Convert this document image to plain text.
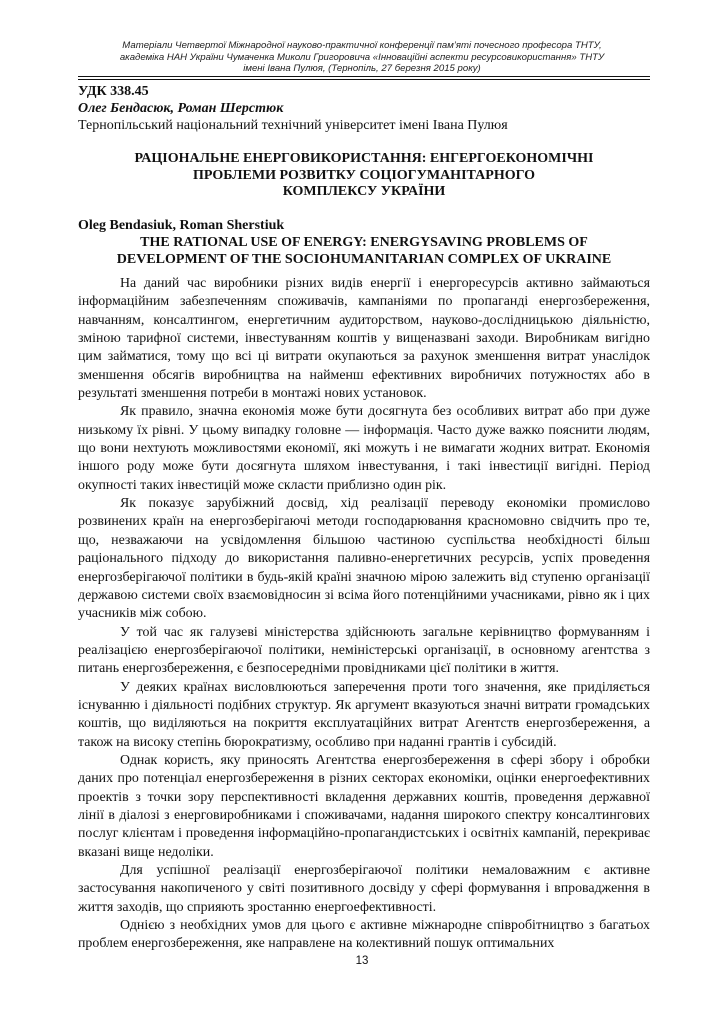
Матеріали Четвертої Міжнародної науково-практичної конференції пам’яті почесного професора ТНТУ,
академіка НАН України Чумаченка Миколи Григоровича «Інноваційні аспекти ресурсовикористання» ТНТУ
імені Івана Пулюя, (Тернопіль, 27 березня 2015 року)
УДК 338.45
Олег Бендасюк, Роман Шерстюк
Тернопільський національний технічний університет імені Івана Пулюя
РАЦІОНАЛЬНЕ ЕНЕРГОВИКОРИСТАННЯ: ЕНГЕРГОЕКОНОМІЧНІ
ПРОБЛЕМИ РОЗВИТКУ СОЦІОГУМАНІТАРНОГО
КОМПЛЕКСУ УКРАЇНИ
Oleg Bendasiuk, Roman Sherstiuk
THE RATIONAL USE OF ENERGY: ENERGYSAVING PROBLEMS OF
DEVELOPMENT OF THE SOCIOHUMANITARIAN COMPLEX OF UKRAINE

На даний час виробники різних видів енергії і енергоресурсів активно займаються інформаційним забезпеченням споживачів, кампаніями по пропаганді енергозбереження, навчанням, консалтингом, енергетичним аудиторством, науково-дослідницькою діяльністю, зміною тарифної системи, інвестуванням коштів у вищеназвані заходи. Виробникам вигідно цим займатися, тому що всі ці витрати окупаються за рахунок зменшення витрат унаслідок зменшення обсягів виробництва на найменш ефективних виробничих потужностях або в результаті зменшення потреби в монтажі нових установок.

Як правило, значна економія може бути досягнута без особливих витрат або при дуже низькому їх рівні. У цьому випадку головне — інформація. Часто дуже важко пояснити людям, що вони нехтують можливостями економії, які можуть і не вимагати жодних витрат. Економія іншого роду може бути досягнута шляхом інвестування, і такі інвестиції вигідні. Період окупності таких інвестицій може скласти приблизно один рік.

Як показує зарубіжний досвід, хід реалізації переводу економіки промислово розвинених країн на енергозберігаючі методи господарювання красномовно свідчить про те, що, незважаючи на усвідомлення більшою частиною суспільства необхідності більш раціонального підходу до використання паливно-енергетичних ресурсів, успіх проведення енергозберігаючої політики в будь-якій країні значною мірою залежить від ступеню організації державою системи своїх взаємовідносин зі всіма його потенційними учасниками, рівно як і цих учасників між собою.

У той час як галузеві міністерства здійснюють загальне керівництво формуванням і реалізацією енергозберігаючої політики, неміністерські організації, в основному агентства з питань енергозбереження, є безпосередніми провідниками цієї політики в життя.

У деяких країнах висловлюються заперечення проти того значення, яке приділяється існуванню і діяльності подібних структур. Як аргумент вказуються значні витрати громадських коштів, що виділяються на покриття експлуатаційних витрат Агентств енергозбереження, а також на високу степінь бюрократизму, особливо при наданні грантів і субсидій.

Однак користь, яку приносять Агентства енергозбереження в сфері збору і обробки даних про потенціал енергозбереження в різних секторах економіки, оцінки енергоефективних проектів з точки зору перспективності вкладення державних коштів, проведення державної лінії в діалозі з енерговиробниками і споживачами, надання широкого спектру консалтингових послуг клієнтам і проведення інформаційно-пропагандистських і освітніх кампаній, перекриває вказані вище недоліки.

Для успішної реалізації енергозберігаючої політики немаловажним є активне застосування накопиченого у світі позитивного досвіду у сфері формування і впровадження в життя заходів, що сприяють зростанню енергоефективності.

Однією з необхідних умов для цього є активне міжнародне співробітництво з багатьох проблем енергозбереження, яке направлене на колективний пошук оптимальних

13
